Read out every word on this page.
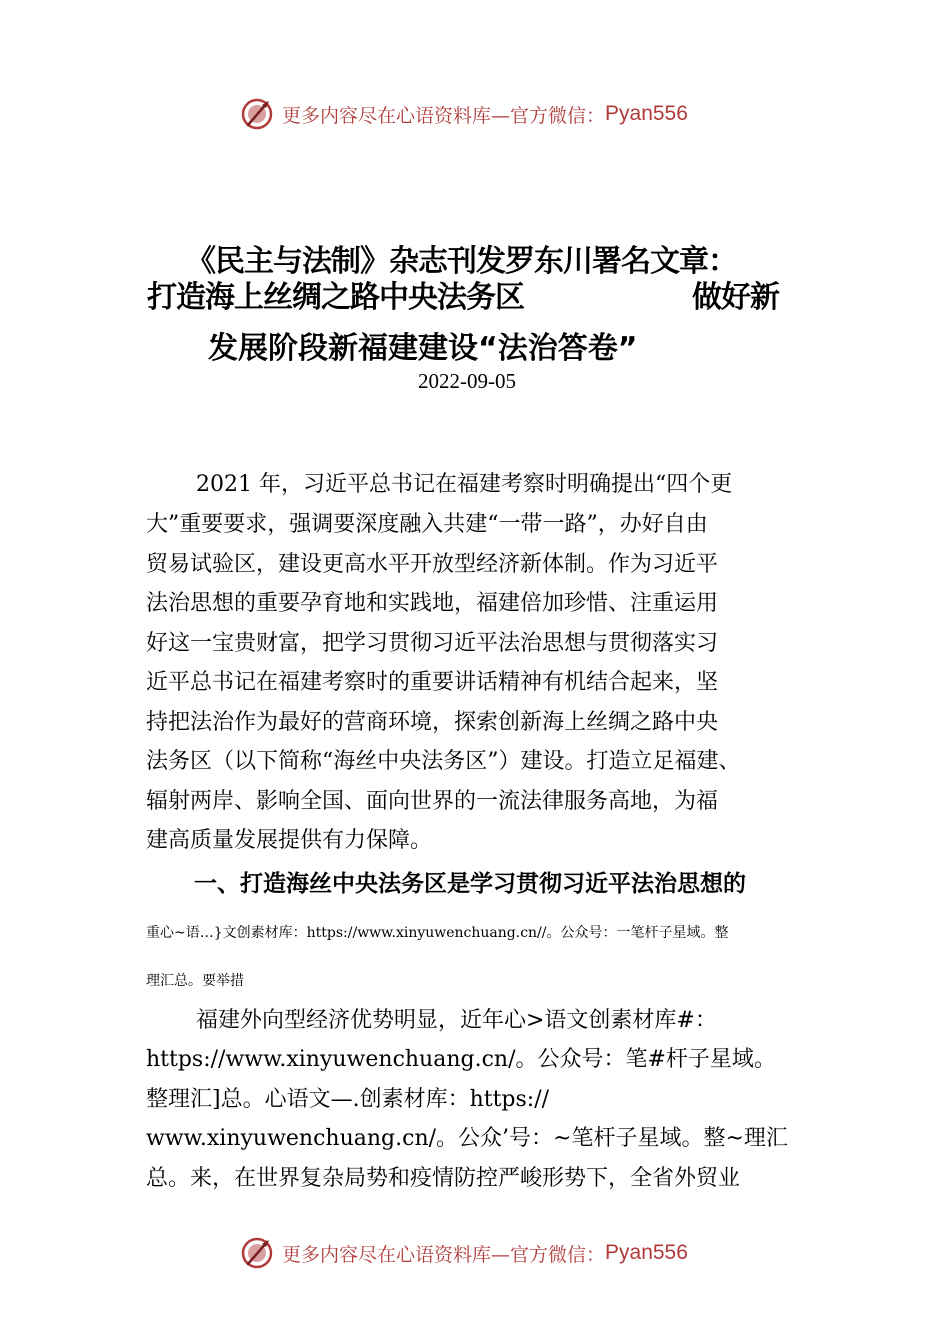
更多内容尽在心语资料库—官方微信： Pyan556
《民主与法制》杂志刊发罗东川署名文章：
打造海上丝绸之路中央法务区	做好新
发展阶段新福建建设“法治答卷”
2022-09-05
2021 年，习近平总书记在福建考察时明确提出“四个更
大”重要要求，强调要深度融入共建“一带一路”，办好自由
贸易试验区，建设更高水平开放型经济新体制。作为习近平
法治思想的重要孕育地和实践地，福建倍加珍惜、注重运用
好这一宝贵财富，把学习贯彻习近平法治思想与贯彻落实习
近平总书记在福建考察时的重要讲话精神有机结合起来，坚
持把法治作为最好的营商环境，探索创新海上丝绸之路中央
法务区（以下简称“海丝中央法务区”）建设。打造立足福建、
辐射两岸、影响全国、面向世界的一流法律服务高地，为福
建高质量发展提供有力保障。
一、打造海丝中央法务区是学习贯彻习近平法治思想的
重心~语…}文创素材库：https://www.xinyuwenchuang.cn//。公众号：一笔杆子星域。整
理汇总。要举措
福建外向型经济优势明显，近年心>语文创素材库#：
https://www.xinyuwenchuang.cn/。公众号：笔#杆子星域。
整理汇]总。心语文—.创素材库：https://
www.xinyuwenchuang.cn/。公众’号：~笔杆子星域。整~理汇
总。来，在世界复杂局势和疫情防控严峻形势下，全省外贸业
更多内容尽在心语资料库—官方微信： Pyan556
